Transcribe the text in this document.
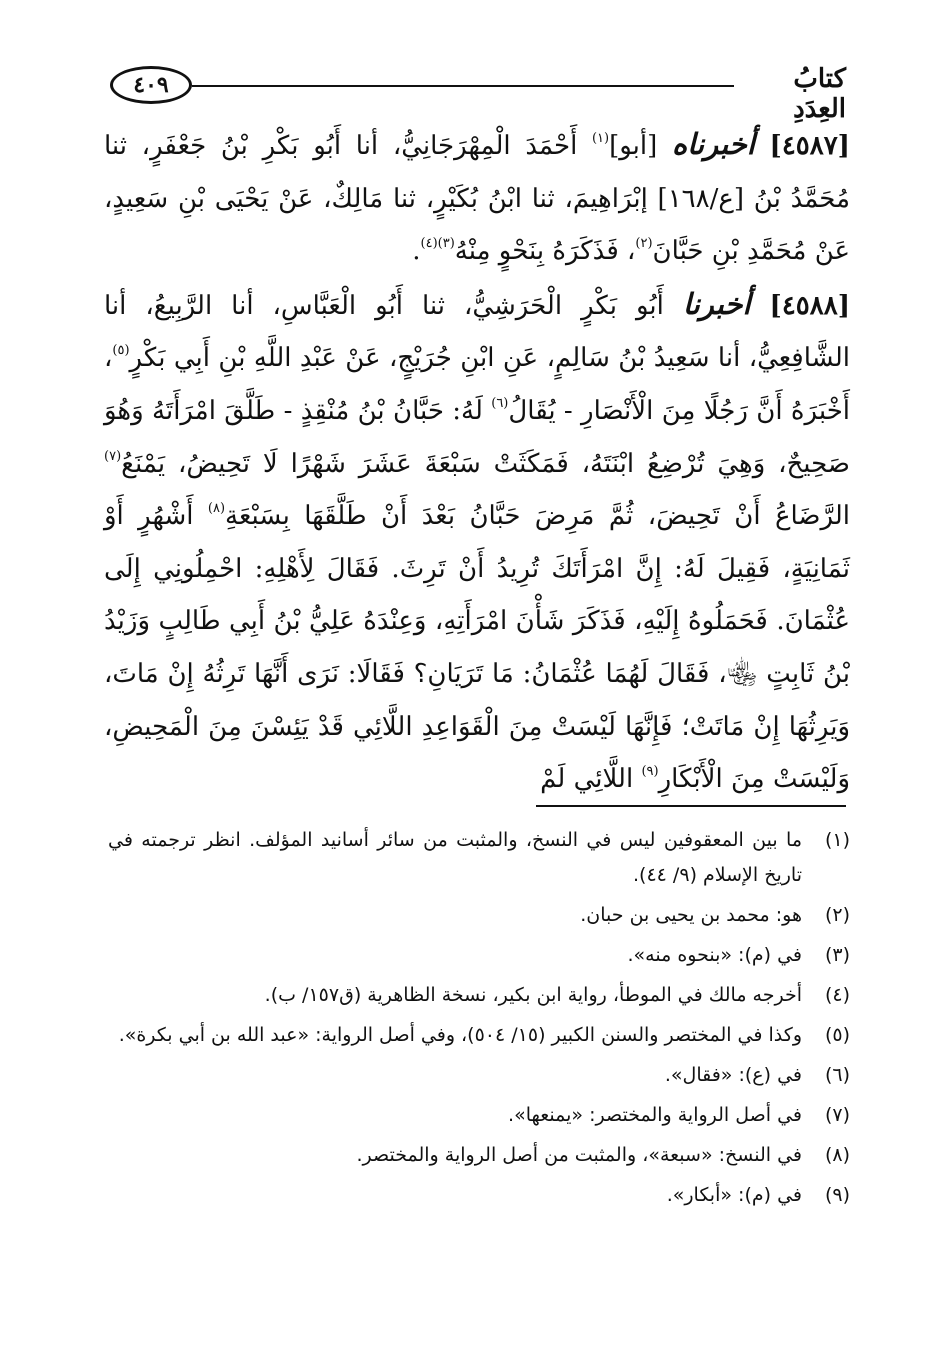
٤٠٩	كتابُ العِدَدِ

[٤٥٨٧] أخبرناه [أبو]$^{(١)}$ أَحْمَدَ الْمِهْرَجَانِيُّ، أنا أَبُو بَكْرِ بْنُ جَعْفَرٍ، ثنا مُحَمَّدُ بْنُ [ع/١٦٨] إبْرَاهِيمَ، ثنا ابْنُ بُكَيْرٍ، ثنا مَالِكٌ، عَنْ يَحْيَى بْنِ سَعِيدٍ، عَنْ مُحَمَّدِ بْنِ حَبَّانَ$^{(٢)}$، فَذَكَرَهُ بِنَحْوٍ مِنْهُ$^{(٣)(٤)}$.

[٤٥٨٨] أخبرنا أَبُو بَكْرٍ الْحَرَشِيُّ، ثنا أَبُو الْعَبَّاسِ، أنا الرَّبِيعُ، أنا الشَّافِعِيُّ، أنا سَعِيدُ بْنُ سَالِمٍ، عَنِ ابْنِ جُرَيْجٍ، عَنْ عَبْدِ اللَّهِ بْنِ أَبِي بَكْرٍ$^{(٥)}$، أَخْبَرَهُ أَنَّ رَجُلًا مِنَ الْأَنْصَارِ - يُقَالُ$^{(٦)}$ لَهُ: حَبَّانُ بْنُ مُنْقِذٍ - طَلَّقَ امْرَأَتَهُ وَهُوَ صَحِيحٌ، وَهِيَ تُرْضِعُ ابْنَتَهُ، فَمَكَثَتْ سَبْعَةَ عَشَرَ شَهْرًا لَا تَحِيضُ، يَمْنَعُ$^{(٧)}$ الرَّضَاعُ أَنْ تَحِيضَ، ثُمَّ مَرِضَ حَبَّانُ بَعْدَ أَنْ طَلَّقَهَا بِسَبْعَةِ$^{(٨)}$ أَشْهُرٍ أَوْ ثَمَانِيَةٍ، فَقِيلَ لَهُ: إِنَّ امْرَأَتَكَ تُرِيدُ أَنْ تَرِثَ. فَقَالَ لِأَهْلِهِ: احْمِلُونِي إِلَى عُثْمَانَ. فَحَمَلُوهُ إِلَيْهِ، فَذَكَرَ شَأْنَ امْرَأَتِهِ، وَعِنْدَهُ عَلِيُّ بْنُ أَبِي طَالِبٍ وَزَيْدُ بْنُ ثَابِتٍ ﵄، فَقَالَ لَهُمَا عُثْمَانُ: مَا تَرَيَانِ؟ فَقَالَا: نَرَى أَنَّهَا تَرِثُهُ إِنْ مَاتَ، وَيَرِثُهَا إِنْ مَاتَتْ؛ فَإِنَّهَا لَيْسَتْ مِنَ الْقَوَاعِدِ اللَّائِي قَدْ يَئِسْنَ مِنَ الْمَحِيضِ، وَلَيْسَتْ مِنَ الْأَبْكَارِ$^{(٩)}$ اللَّائِي لَمْ

(١)
ما بين المعقوفين ليس في النسخ، والمثبت من سائر أسانيد المؤلف. انظر ترجمته في تاريخ الإسلام (٩/ ٤٤).
(٢)
هو: محمد بن يحيى بن حبان.
(٣)
في (م): «بنحوه منه».
(٤)
أخرجه مالك في الموطأ، رواية ابن بكير، نسخة الظاهرية (ق١٥٧/ ب).
(٥)
وكذا في المختصر والسنن الكبير (١٥/ ٥٠٤)، وفي أصل الرواية: «عبد الله بن أبي بكرة».
(٦)
في (ع): «فقال».
(٧)
في أصل الرواية والمختصر: «يمنعها».
(٨)
في النسخ: «سبعة»، والمثبت من أصل الرواية والمختصر.
(٩)
في (م): «أبكار».
